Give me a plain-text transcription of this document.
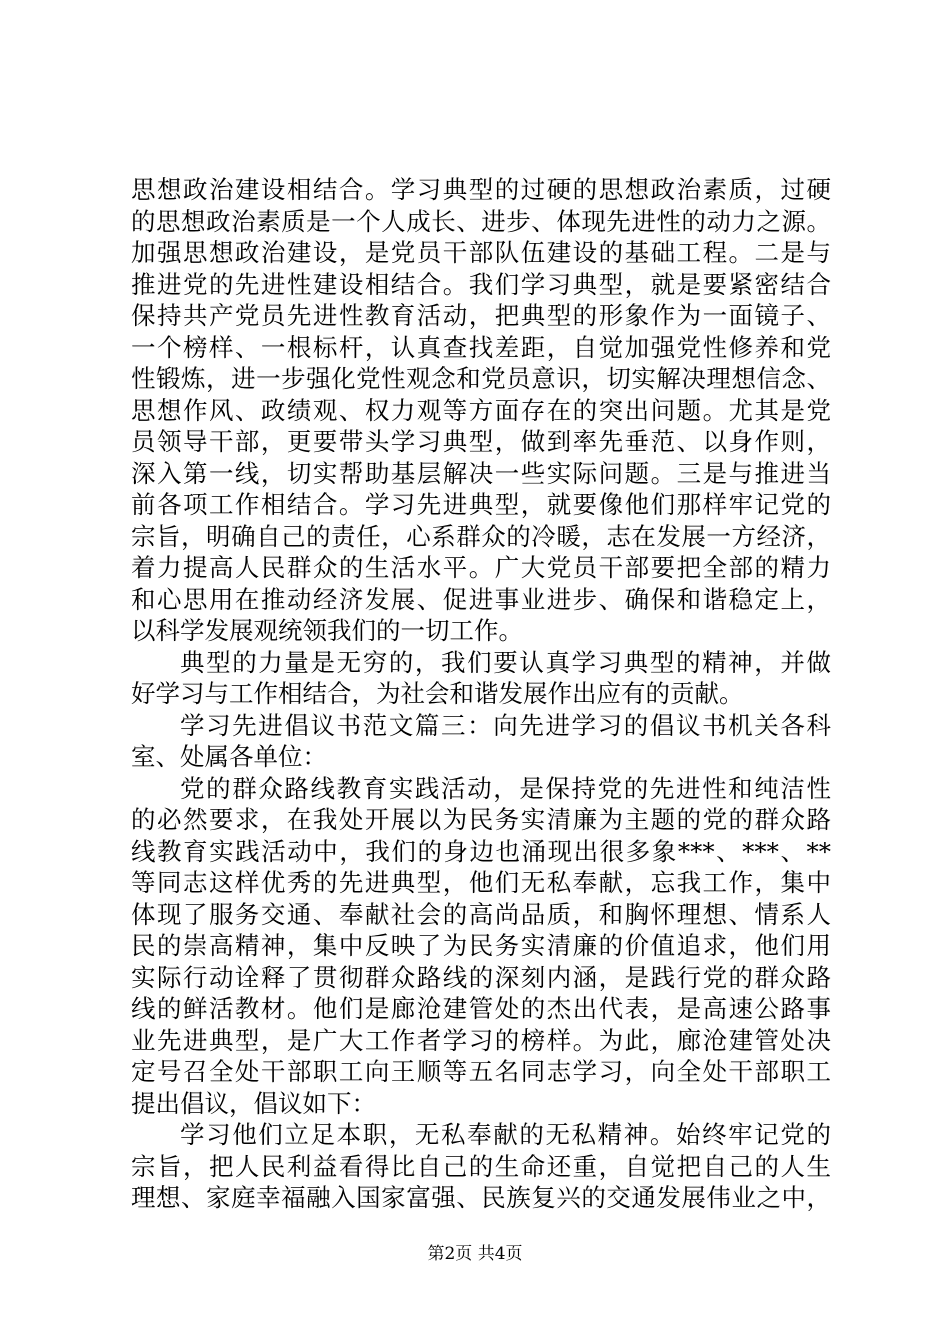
思想政治建设相结合。学习典型的过硬的思想政治素质，过硬
的思想政治素质是一个人成长、进步、体现先进性的动力之源。
加强思想政治建设，是党员干部队伍建设的基础工程。二是与
推进党的先进性建设相结合。我们学习典型，就是要紧密结合
保持共产党员先进性教育活动，把典型的形象作为一面镜子、
一个榜样、一根标杆，认真查找差距，自觉加强党性修养和党
性锻炼，进一步强化党性观念和党员意识，切实解决理想信念、
思想作风、政绩观、权力观等方面存在的突出问题。尤其是党
员领导干部，更要带头学习典型，做到率先垂范、以身作则，
深入第一线，切实帮助基层解决一些实际问题。三是与推进当
前各项工作相结合。学习先进典型，就要像他们那样牢记党的
宗旨，明确自己的责任，心系群众的冷暖，志在发展一方经济，
着力提高人民群众的生活水平。广大党员干部要把全部的精力
和心思用在推动经济发展、促进事业进步、确保和谐稳定上，
以科学发展观统领我们的一切工作。
典型的力量是无穷的，我们要认真学习典型的精神，并做
好学习与工作相结合，为社会和谐发展作出应有的贡献。
学习先进倡议书范文篇三：向先进学习的倡议书机关各科
室、处属各单位：
党的群众路线教育实践活动，是保持党的先进性和纯洁性
的必然要求，在我处开展以为民务实清廉为主题的党的群众路
线教育实践活动中，我们的身边也涌现出很多象***、***、**
等同志这样优秀的先进典型，他们无私奉献，忘我工作，集中
体现了服务交通、奉献社会的高尚品质，和胸怀理想、情系人
民的崇高精神，集中反映了为民务实清廉的价值追求，他们用
实际行动诠释了贯彻群众路线的深刻内涵，是践行党的群众路
线的鲜活教材。他们是廊沧建管处的杰出代表，是高速公路事
业先进典型，是广大工作者学习的榜样。为此，廊沧建管处决
定号召全处干部职工向王顺等五名同志学习，向全处干部职工
提出倡议，倡议如下：
学习他们立足本职，无私奉献的无私精神。始终牢记党的
宗旨，把人民利益看得比自己的生命还重，自觉把自己的人生
理想、家庭幸福融入国家富强、民族复兴的交通发展伟业之中，
第2页 共4页
